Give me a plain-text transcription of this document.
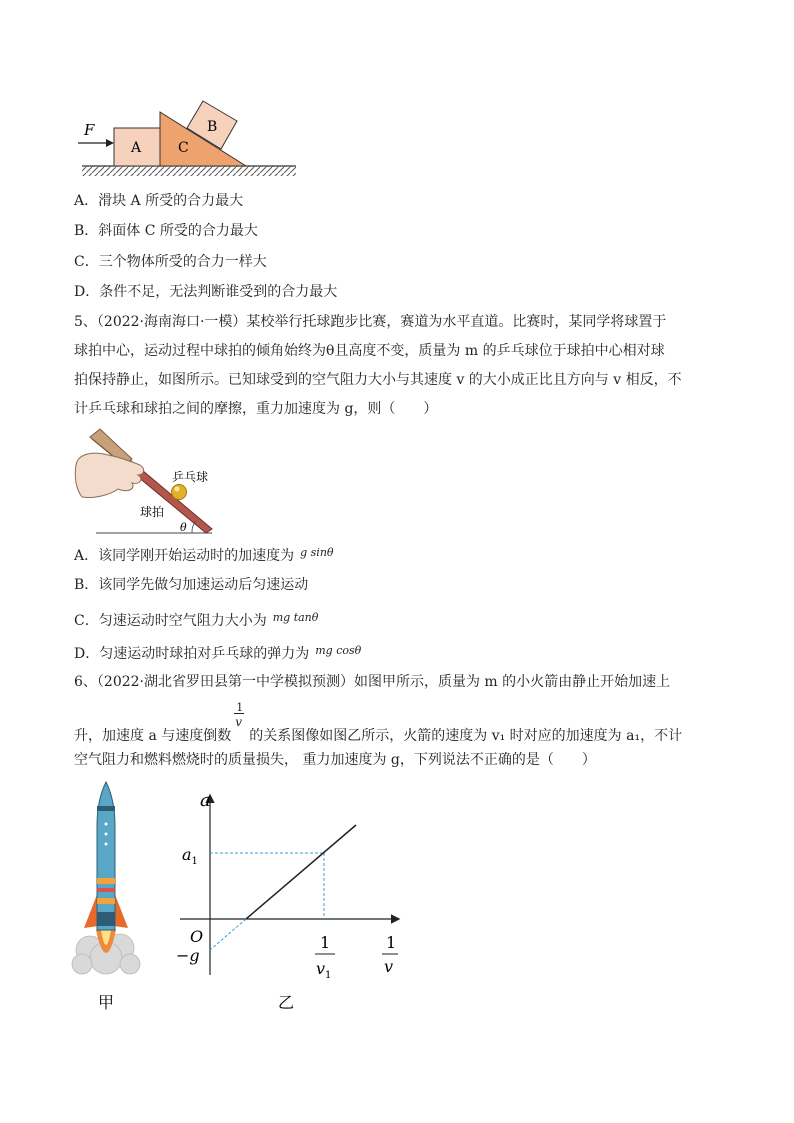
F
A	C
B
A．滑块 A 所受的合力最大
B．斜面体 C 所受的合力最大
C．三个物体所受的合力一样大
D．条件不足，无法判断谁受到的合力最大
5、（2022·海南海口·一模）某校举行托球跑步比赛，赛道为水平直道。比赛时，某同学将球置于
球拍中心，运动过程中球拍的倾角始终为θ且高度不变，质量为 m 的乒乓球位于球拍中心相对球
拍保持静止，如图所示。已知球受到的空气阻力大小与其速度 v 的大小成正比且方向与 v 相反，不
计乒乓球和球拍之间的摩擦，重力加速度为 g，则（　　）
乒乓球
球拍
θ
A．该同学刚开始运动时的加速度为 $^{g sin\theta}$
B．该同学先做匀加速运动后匀速运动
C．匀速运动时空气阻力大小为 $^{mg tan\theta}$
D．匀速运动时球拍对乒乓球的弹力为 $^{mg cos\theta}$
6、（2022·湖北省罗田县第一中学模拟预测）如图甲所示，质量为 m 的小火箭由静止开始加速上
升，加速度 a 与速度倒数
1
v
的关系图像如图乙所示，火箭的速度为 v₁ 时对应的加速度为 a₁，不计
空气阻力和燃料燃烧时的质量损失， 重力加速度为 g，下列说法不正确的是（　　）
甲
a
$a_1$
O
−g
1
$v_1$
1
v
乙
